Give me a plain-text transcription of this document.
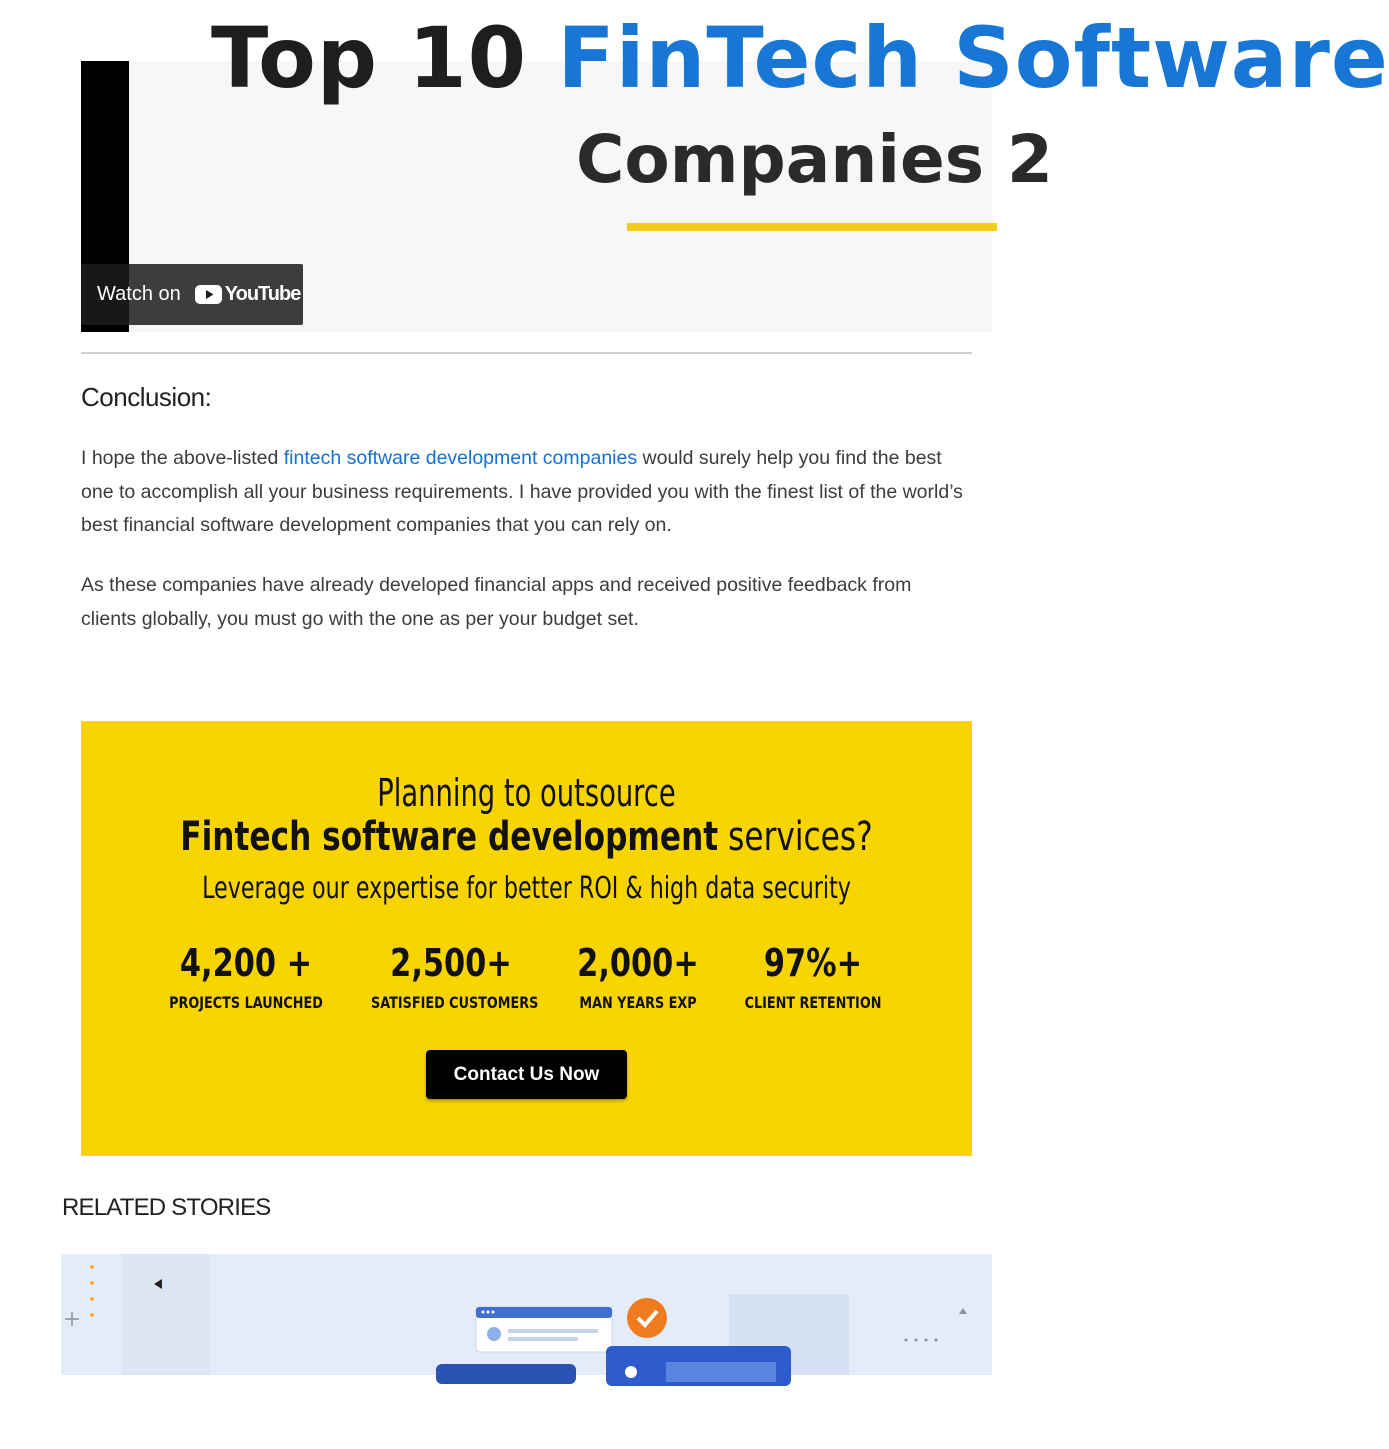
Top 10 FinTech Software
Companies 2
Watch on YouTube
Conclusion:

I hope the above-listed fintech software development companies would surely help you find the best one to accomplish all your business requirements. I have provided you with the finest list of the world’s best financial software development companies that you can rely on.

As these companies have already developed financial apps and received positive feedback from clients globally, you must go with the one as per your budget set.

Planning to outsource
Fintech software development services?
Leverage our expertise for better ROI & high data security
4,200 +
PROJECTS LAUNCHED
2,500+
SATISFIED CUSTOMERS
2,000+
MAN YEARS EXP
97%+
CLIENT RETENTION
Contact Us Now
RELATED STORIES
